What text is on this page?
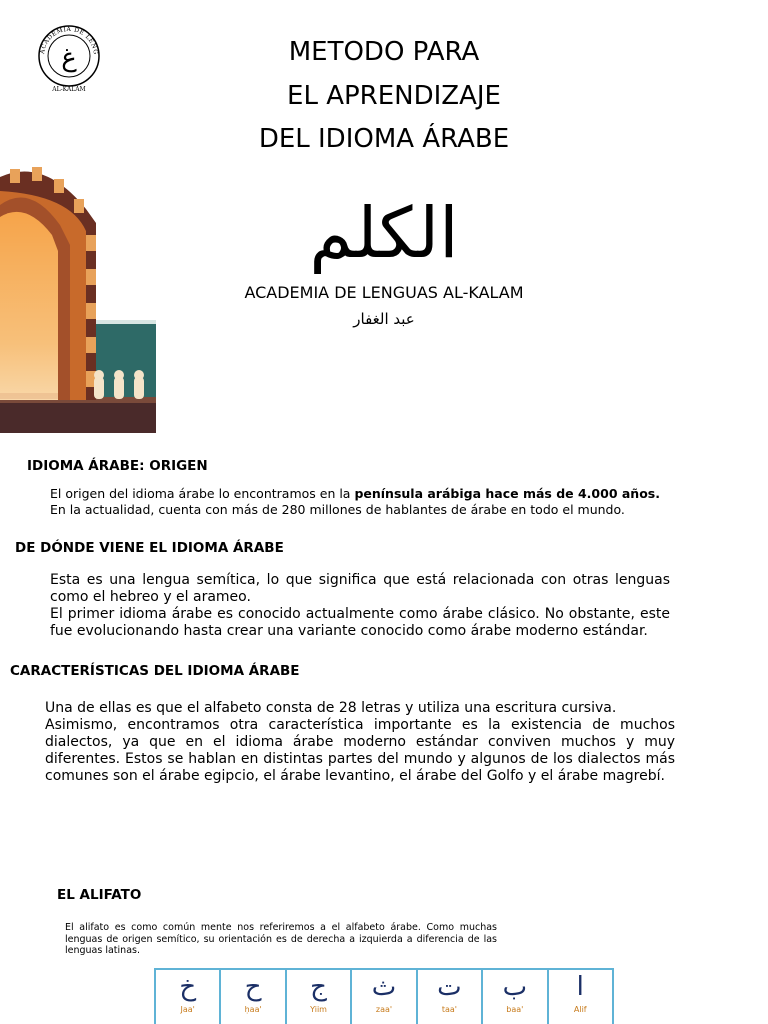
ACADEMIA DE LENG
غ
AL-KALAM
METODO PARA
EL APRENDIZAJE
DEL IDIOMA ÁRABE
الكلم
ACADEMIA DE LENGUAS AL-KALAM
عبد الغفار
IDIOMA ÁRABE: ORIGEN
El origen del idioma árabe lo encontramos en la península arábiga hace más de 4.000 años.
En la actualidad, cuenta con más de 280 millones de hablantes de árabe en todo el mundo.
DE DÓNDE VIENE EL IDIOMA ÁRABE
Esta es una lengua semítica, lo que significa que está relacionada con otras lenguas como el hebreo y el arameo.
El primer idioma árabe es conocido actualmente como árabe clásico. No obstante, este fue evolucionando hasta crear una variante conocido como árabe moderno estándar.
CARACTERÍSTICAS DEL IDIOMA ÁRABE
Una de ellas es que el alfabeto consta de 28 letras y utiliza una escritura cursiva.
Asimismo, encontramos otra característica importante es la existencia de muchos dialectos, ya que en el idioma árabe moderno estándar conviven muchos y muy diferentes. Estos se hablan en distintas partes del mundo y algunos de los dialectos más comunes son el árabe egipcio, el árabe levantino, el árabe del Golfo y el árabe magrebí.
EL ALIFATO
El alifato es como común mente nos referiremos a el alfabeto árabe. Como muchas lenguas de origen semítico, su orientación es de derecha a izquierda a diferencia de las lenguas latinas.
خ
Jaa'
ح
ḥaa'
ج
Yiim
ث
zaa'
ت
taa'
ب
baa'
ا
Alif
